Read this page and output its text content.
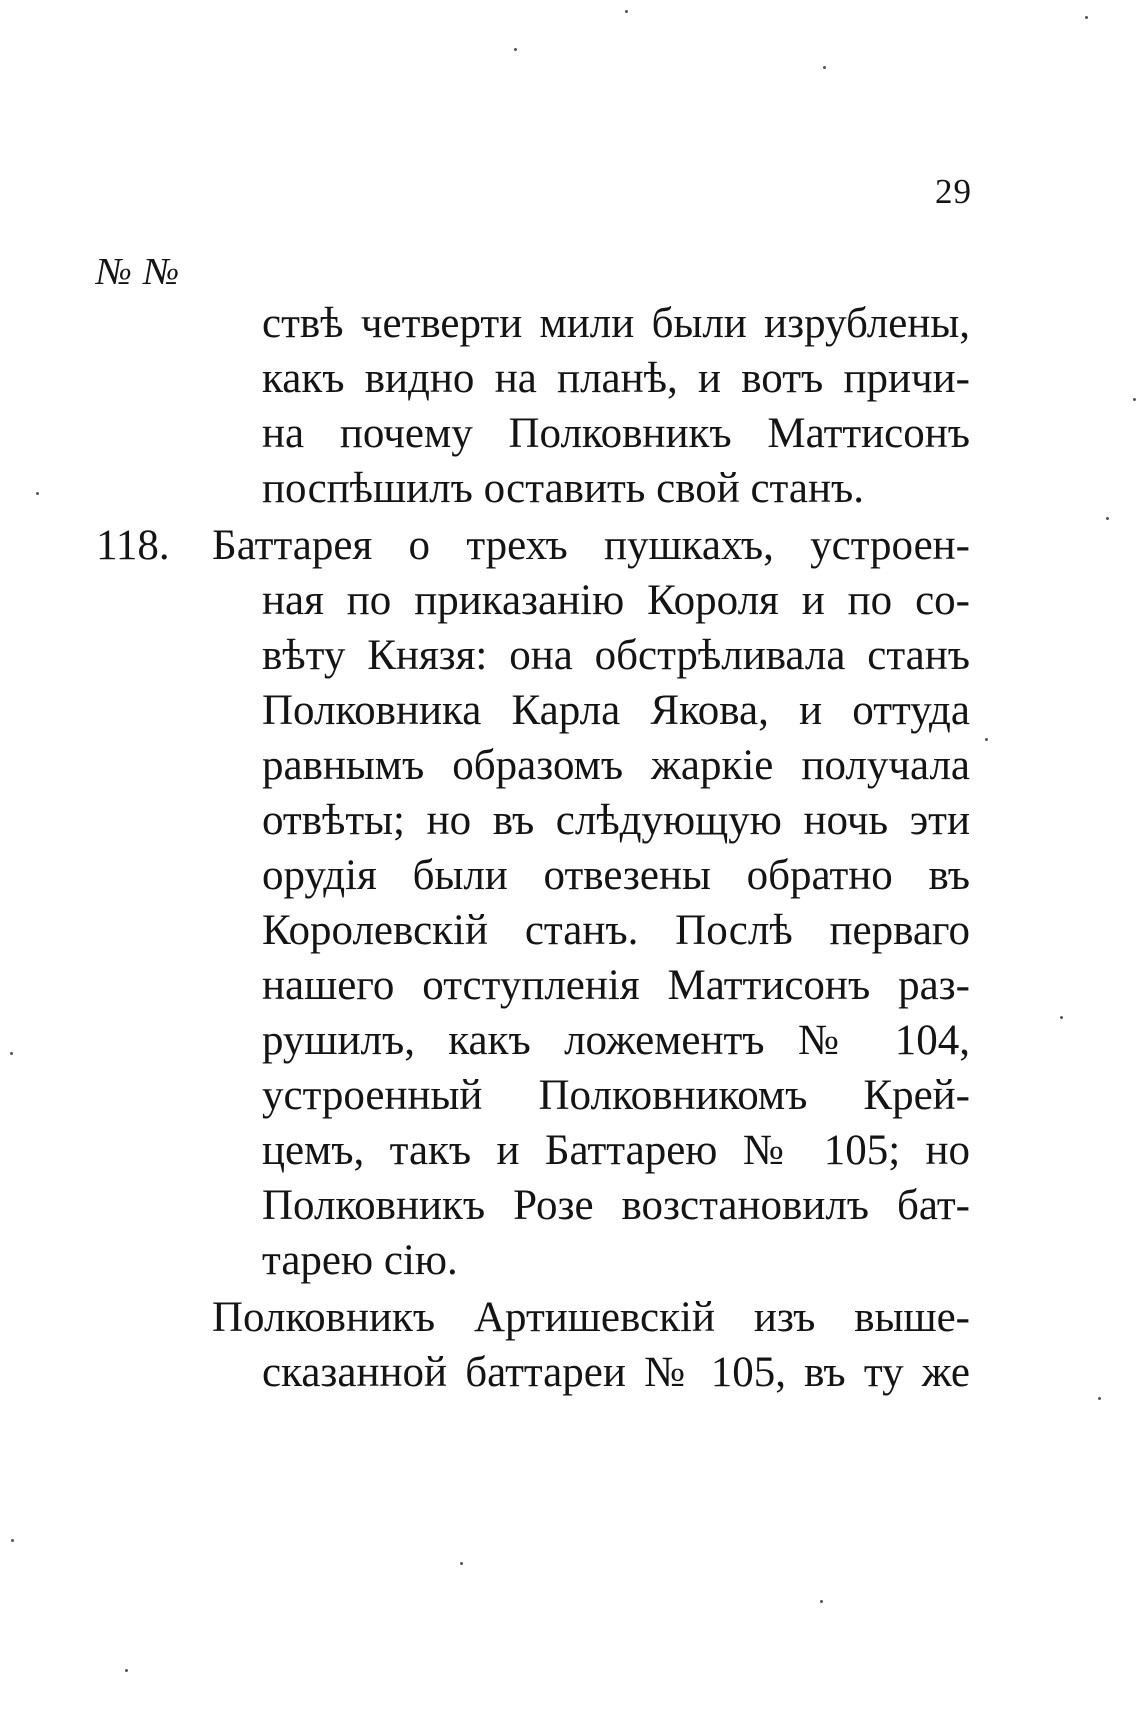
29
№ №
ствѣ четверти мили были изрублены,
какъ видно на планѣ, и вотъ причи-
на почему Полковникъ Маттисонъ
поспѣшилъ оставить свой станъ.
118. Баттарея о трехъ пушкахъ, устроен-
ная по приказанію Короля и по со-
вѣту Князя: она обстрѣливала станъ
Полковника Карла Якова, и оттуда
равнымъ образомъ жаркіе получала
отвѣты; но въ слѣдующую ночь эти
орудія были отвезены обратно въ
Королевскій станъ. Послѣ перваго
нашего отступленія Маттисонъ раз-
рушилъ, какъ ложементъ № 104,
устроенный Полковникомъ Крей-
цемъ, такъ и Баттарею № 105; но
Полковникъ Розе возстановилъ бат-
тарею сію.
Полковникъ Артишевскій изъ выше-
сказанной баттареи № 105, въ ту же
